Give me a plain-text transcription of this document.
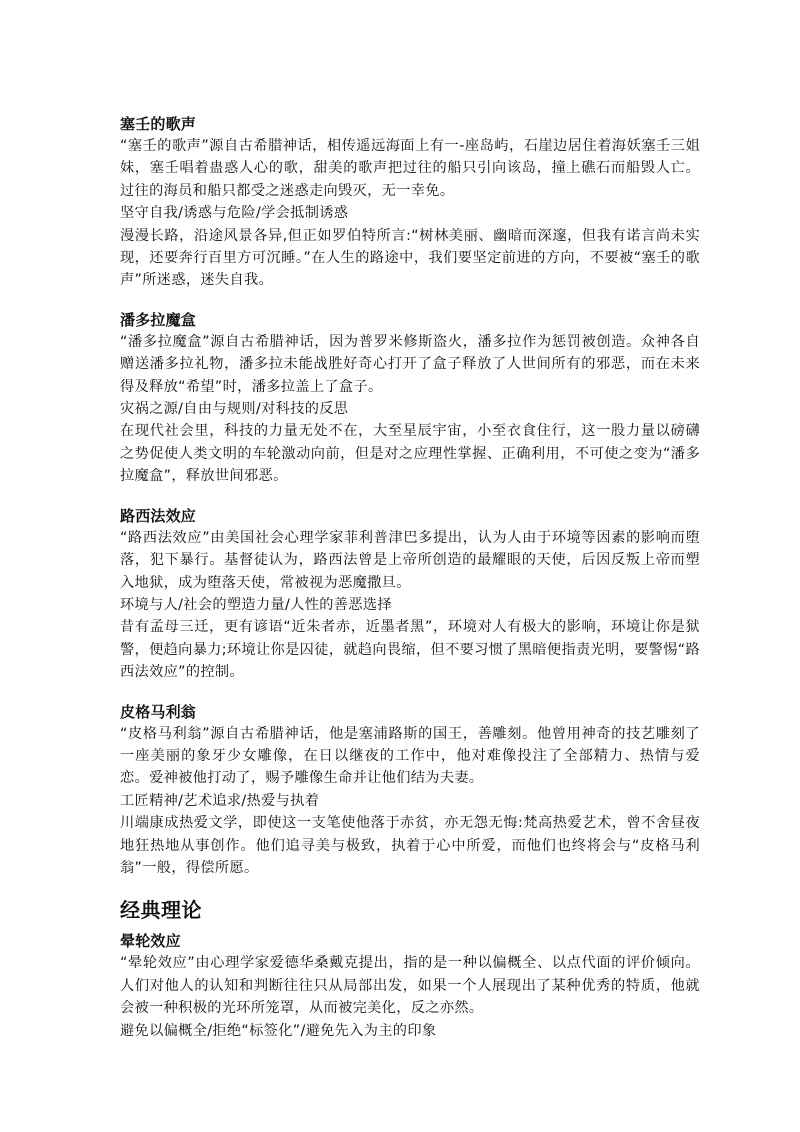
塞壬的歌声

“塞壬的歌声”源自古希腊神话，相传遥远海面上有一-座岛屿，石崖边居住着海妖塞壬三姐妹，塞壬唱着蛊惑人心的歌，甜美的歌声把过往的船只引向该岛，撞上礁石而船毁人亡。过往的海员和船只都受之迷惑走向毁灭，无一幸免。

坚守自我/诱惑与危险/学会抵制诱惑

漫漫长路，沿途风景各异,但正如罗伯特所言:“树林美丽、幽暗而深邃，但我有诺言尚未实现，还要奔行百里方可沉睡。”在人生的路途中，我们要坚定前进的方向，不要被“塞壬的歌声”所迷惑，迷失自我。

潘多拉魔盒

“潘多拉魔盒”源自古希腊神话，因为普罗米修斯盗火，潘多拉作为惩罚被创造。众神各自赠送潘多拉礼物，潘多拉未能战胜好奇心打开了盒子释放了人世间所有的邪恶，而在未来得及释放“希望”时，潘多拉盖上了盒子。

灾祸之源/自由与规则/对科技的反思

在现代社会里，科技的力量无处不在，大至星辰宇宙，小至衣食住行，这一股力量以磅礴之势促使人类文明的车轮激动向前，但是对之应理性掌握、正确利用，不可使之变为“潘多拉魔盒”，释放世间邪恶。

路西法效应

“路西法效应”由美国社会心理学家菲利普津巴多提出，认为人由于环境等因素的影响而堕落，犯下暴行。基督徒认为，路西法曾是上帝所创造的最耀眼的天使，后因反叛上帝而塑入地狱，成为堕落天使，常被视为恶魔撒旦。

环境与人/社会的塑造力量/人性的善恶选择

昔有孟母三迁，更有谚语“近朱者赤，近墨者黑”，环境对人有极大的影响，环境让你是狱警，便趋向暴力;环境让你是囚徒，就趋向畏缩，但不要习惯了黑暗便指责光明，要警惕“路西法效应”的控制。

皮格马利翁

“皮格马利翁”源自古希腊神话，他是塞浦路斯的国王，善雕刻。他曾用神奇的技艺雕刻了一座美丽的象牙少女雕像，在日以继夜的工作中，他对难像投注了全部精力、热情与爱恋。爱神被他打动了，赐予雕像生命并让他们结为夫妻。

工匠精神/艺术追求/热爱与执着

川端康成热爱文学，即使这一支笔使他落于赤贫，亦无怨无悔:梵高热爱艺术，曾不舍昼夜地狂热地从事创作。他们追寻美与极致，执着于心中所爱，而他们也终将会与“皮格马利翁”一般，得偿所愿。

经典理论

晕轮效应

“晕轮效应”由心理学家爱德华桑戴克提出，指的是一种以偏概全、以点代面的评价倾向。人们对他人的认知和判断往往只从局部出发，如果一个人展现出了某种优秀的特质，他就会被一种积极的光环所笼罩，从而被完美化，反之亦然。

避免以偏概全/拒绝“标签化”/避免先入为主的印象
